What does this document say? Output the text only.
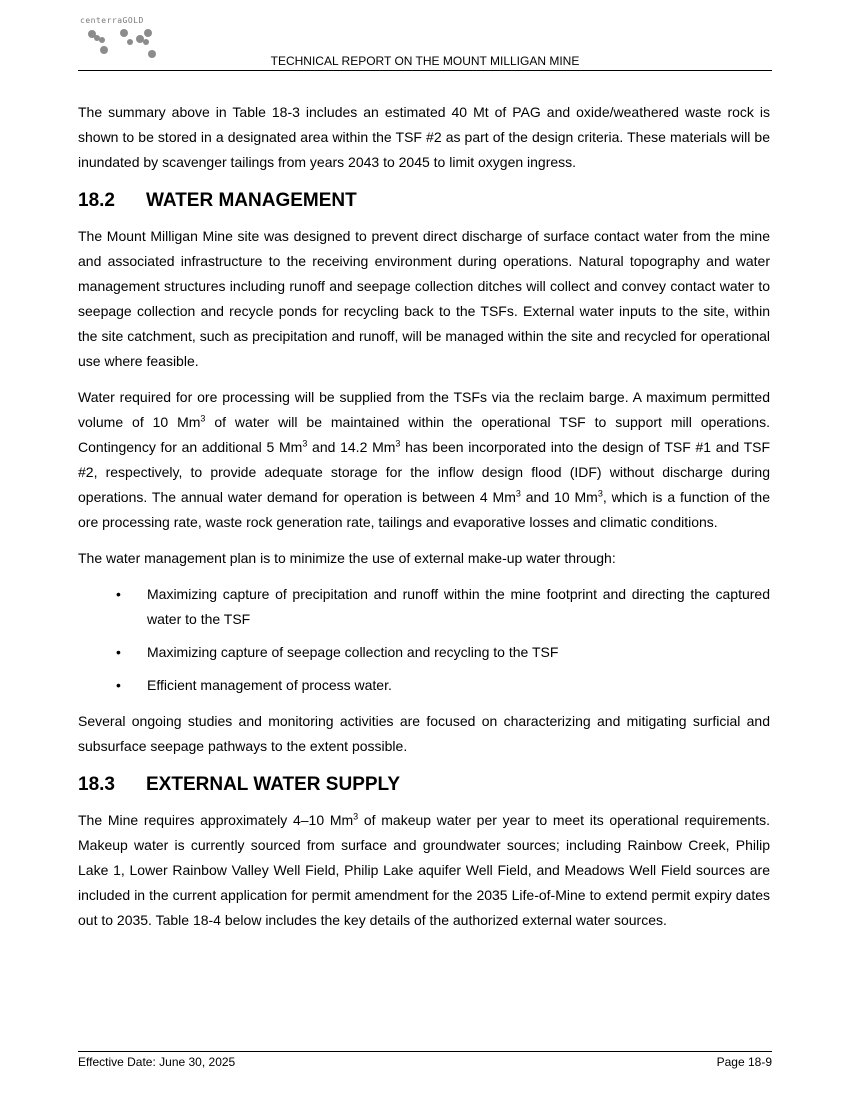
centerraGOLD
TECHNICAL REPORT ON THE MOUNT MILLIGAN MINE

The summary above in Table 18-3 includes an estimated 40 Mt of PAG and oxide/weathered waste rock is shown to be stored in a designated area within the TSF #2 as part of the design criteria. These materials will be inundated by scavenger tailings from years 2043 to 2045 to limit oxygen ingress.

18.2	WATER MANAGEMENT

The Mount Milligan Mine site was designed to prevent direct discharge of surface contact water from the mine and associated infrastructure to the receiving environment during operations. Natural topography and water management structures including runoff and seepage collection ditches will collect and convey contact water to seepage collection and recycle ponds for recycling back to the TSFs. External water inputs to the site, within the site catchment, such as precipitation and runoff, will be managed within the site and recycled for operational use where feasible.

Water required for ore processing will be supplied from the TSFs via the reclaim barge. A maximum permitted volume of 10 Mm$^3$ of water will be maintained within the operational TSF to support mill operations. Contingency for an additional 5 Mm$^3$ and 14.2 Mm$^3$ has been incorporated into the design of TSF #1 and TSF #2, respectively, to provide adequate storage for the inflow design flood (IDF) without discharge during operations. The annual water demand for operation is between 4 Mm$^3$ and 10 Mm$^3$, which is a function of the ore processing rate, waste rock generation rate, tailings and evaporative losses and climatic conditions.

The water management plan is to minimize the use of external make-up water through:

• Maximizing capture of precipitation and runoff within the mine footprint and directing the captured water to the TSF
• Maximizing capture of seepage collection and recycling to the TSF
• Efficient management of process water.

Several ongoing studies and monitoring activities are focused on characterizing and mitigating surficial and subsurface seepage pathways to the extent possible.

18.3	EXTERNAL WATER SUPPLY

The Mine requires approximately 4–10 Mm$^3$ of makeup water per year to meet its operational requirements. Makeup water is currently sourced from surface and groundwater sources; including Rainbow Creek, Philip Lake 1, Lower Rainbow Valley Well Field, Philip Lake aquifer Well Field, and Meadows Well Field sources are included in the current application for permit amendment for the 2035 Life-of-Mine to extend permit expiry dates out to 2035. Table 18-4 below includes the key details of the authorized external water sources.

Effective Date: June 30, 2025	Page 18-9
